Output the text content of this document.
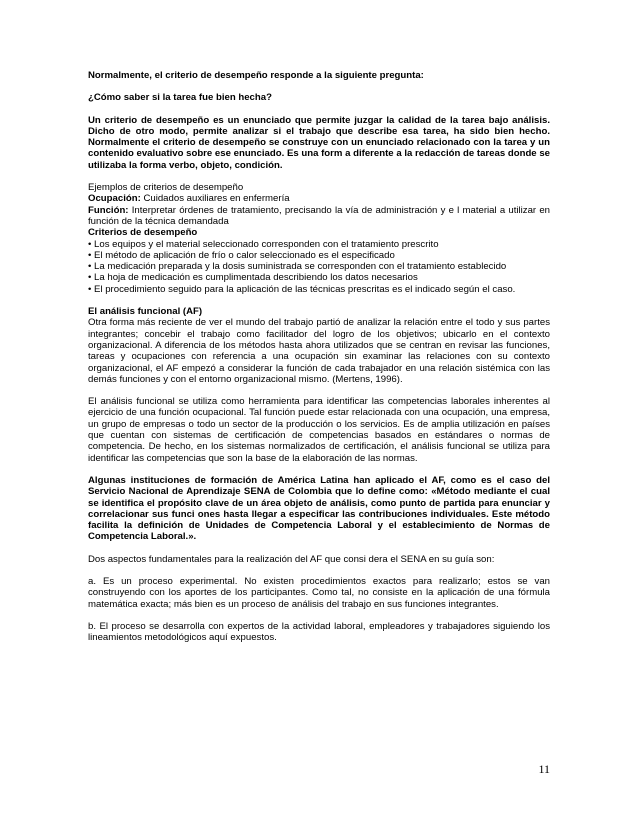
Normalmente, el criterio de desempeño responde a la siguiente pregunta:

¿Cómo saber si la tarea fue bien hecha?

Un criterio de desempeño es un enunciado que permite juzgar la calidad de la tarea bajo análisis. Dicho de otro modo, permite analizar si el trabajo que describe esa tarea, ha sido bien hecho. Normalmente el criterio de desempeño se construye con un enunciado relacionado con la tarea y un contenido evaluativo sobre ese enunciado. Es una form a diferente a la redacción de tareas donde se utilizaba la forma verbo, objeto, condición.

Ejemplos de criterios de desempeño

Ocupación: Cuidados auxiliares en enfermería

Función: Interpretar órdenes de tratamiento, precisando la vía de administración y e l material a utilizar en función de la técnica demandada

Criterios de desempeño

• Los equipos y el material seleccionado corresponden con el tratamiento prescrito

• El método de aplicación de frío o calor seleccionado es el especificado

• La medicación preparada y la dosis suministrada se corresponden con el tratamiento establecido

• La hoja de medicación es cumplimentada describiendo los datos necesarios

• El procedimiento seguido para la aplicación de las técnicas prescritas es el indicado según el caso.

El análisis funcional (AF)

Otra forma más reciente de ver el mundo del trabajo partió de analizar la relación entre el todo y sus partes integrantes; concebir el trabajo como facilitador del logro de los objetivos; ubicarlo en el contexto organizacional. A diferencia de los métodos hasta ahora utilizados que se centran en revisar las funciones, tareas y ocupaciones con referencia a una ocupación sin examinar las relaciones con su contexto organizacional, el AF empezó a considerar la función de cada trabajador en una relación sistémica con las demás funciones y con el entorno organizacional mismo. (Mertens, 1996).

El análisis funcional se utiliza como herramienta para identificar las competencias laborales inherentes al ejercicio de una función ocupacional. Tal función puede estar relacionada con una ocupación, una empresa, un grupo de empresas o todo un sector de la producción o los servicios. Es de amplia utilización en países que cuentan con sistemas de certificación de competencias basados en estándares o normas de competencia. De hecho, en los sistemas normalizados de certificación, el análisis funcional se utiliza para identificar las competencias que son la base de la elaboración de las normas.

Algunas instituciones de formación de América Latina han aplicado el AF, como es el caso del Servicio Nacional de Aprendizaje SENA de Colombia que lo define como: «Método mediante el cual se identifica el propósito clave de un área objeto de análisis, como punto de partida para enunciar y correlacionar sus funci ones hasta llegar a especificar las contribuciones individuales. Este método facilita la definición de Unidades de Competencia Laboral y el establecimiento de Normas de Competencia Laboral.».

Dos aspectos fundamentales para la realización del AF que consi dera el SENA en su guía son:

a. Es un proceso experimental. No existen procedimientos exactos para realizarlo; estos se van construyendo con los aportes de los participantes. Como tal, no consiste en la aplicación de una fórmula matemática exacta; más bien es un proceso de análisis del trabajo en sus funciones integrantes.

b. El proceso se desarrolla con expertos de la actividad laboral, empleadores y trabajadores siguiendo los lineamientos metodológicos aquí expuestos.

11
